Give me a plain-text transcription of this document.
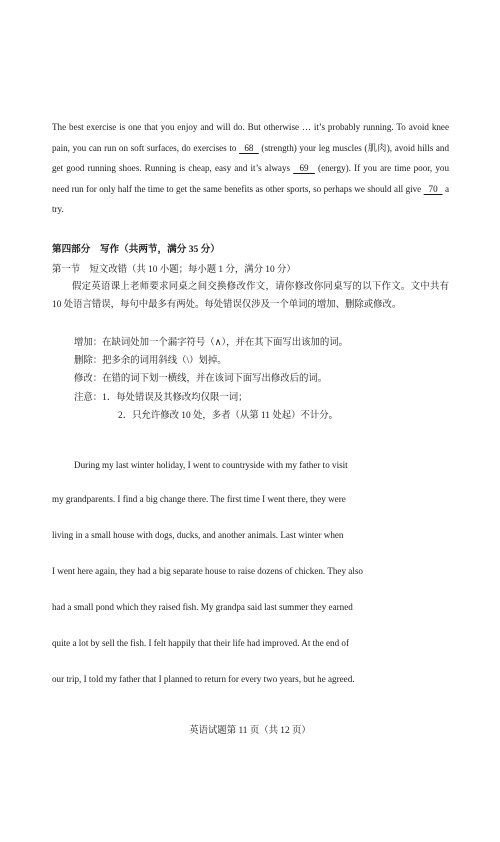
The best exercise is one that you enjoy and will do. But otherwise … it’s probably running. To avoid knee pain, you can run on soft surfaces, do exercises to   68   (strength) your leg muscles (肌肉), avoid hills and get good running shoes. Running is cheap, easy and it’s always   69   (energy). If you are time poor, you need run for only half the time to get the same benefits as other sports, so perhaps we should all give   70   a try.

第四部分　写作（共两节，满分 35 分）
第一节　短文改错（共 10 小题；每小题 1 分，满分 10 分）

假定英语课上老师要求同桌之间交换修改作文，请你修改你同桌写的以下作文。文中共有 10 处语言错误，每句中最多有两处。每处错误仅涉及一个单词的增加、删除或修改。

增加：在缺词处加一个漏字符号（∧），并在其下面写出该加的词。
删除：把多余的词用斜线（\）划掉。
修改：在错的词下划一横线，并在该词下面写出修改后的词。
注意：1．每处错误及其修改均仅限一词；
2．只允许修改 10 处，多者（从第 11 处起）不计分。
During my last winter holiday, I went to countryside with my father to visit
my grandparents. I find a big change there. The first time I went there, they were
living in a small house with dogs, ducks, and another animals. Last winter when
I went here again, they had a big separate house to raise dozens of chicken. They also
had a small pond which they raised fish. My grandpa said last summer they earned
quite a lot by sell the fish. I felt happily that their life had improved. At the end of
our trip, I told my father that I planned to return for every two years, but he agreed.
英语试题第 11 页（共 12 页）
